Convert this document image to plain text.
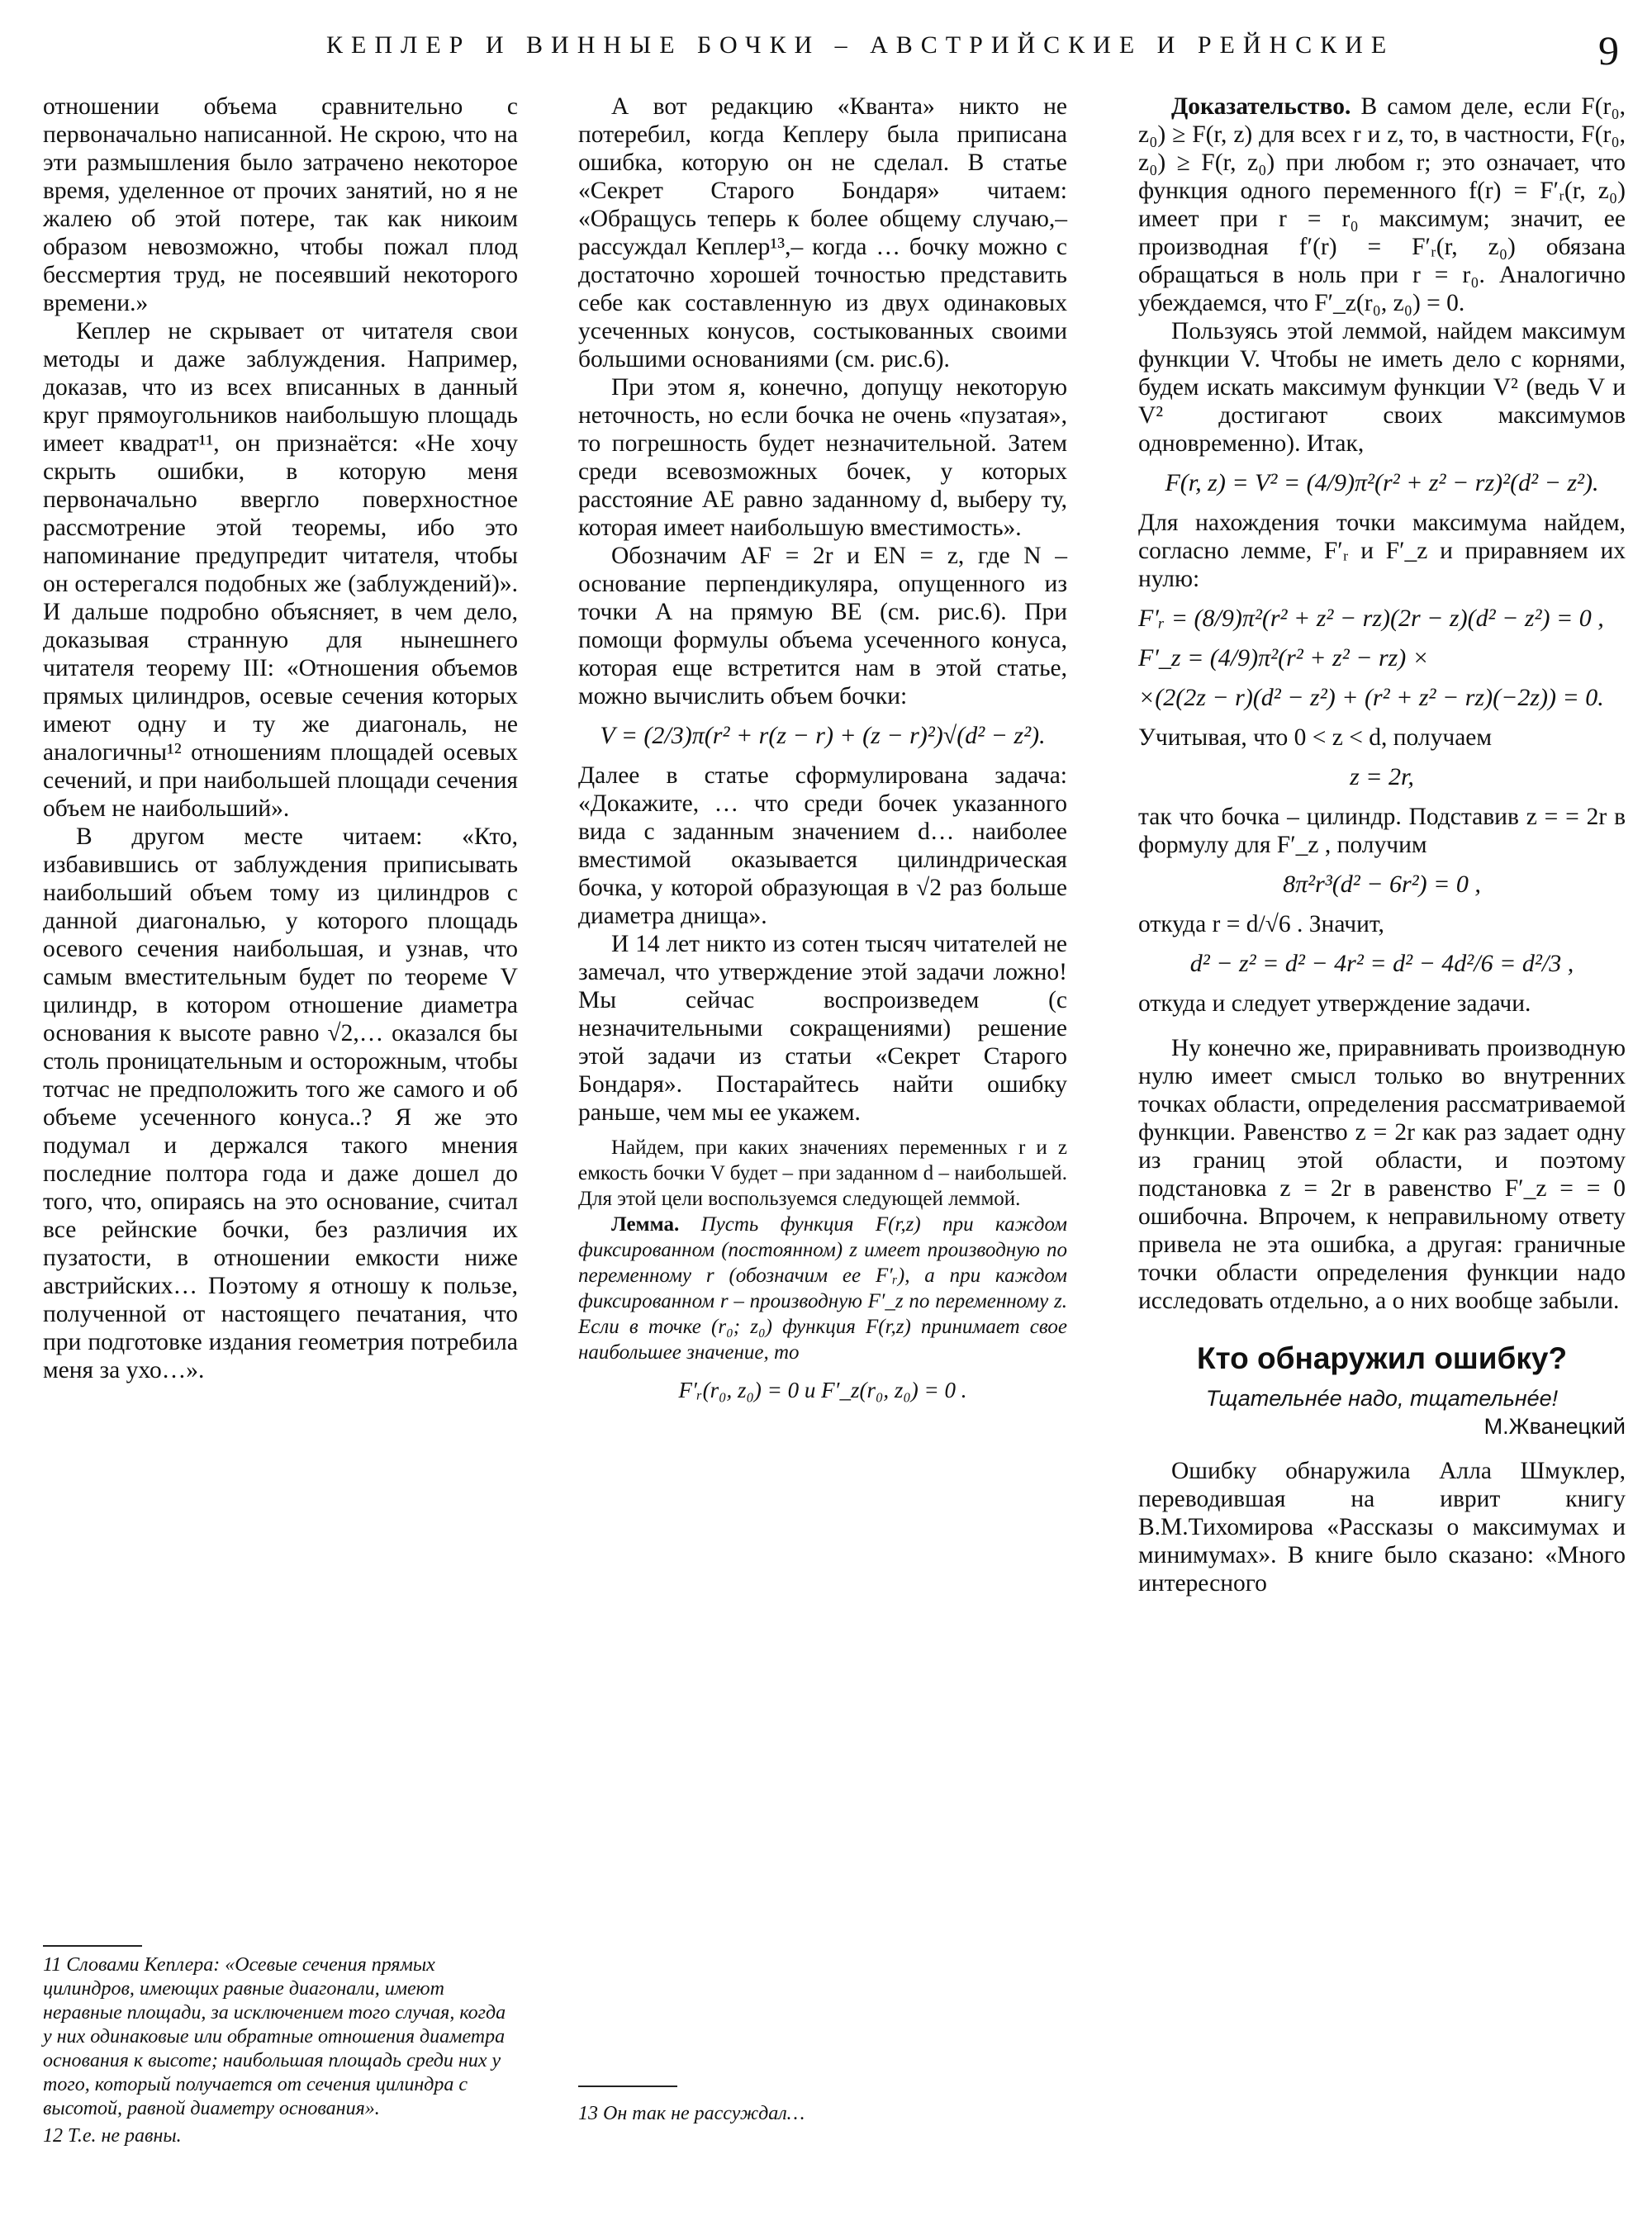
КЕПЛЕР И ВИННЫЕ БОЧКИ – АВСТРИЙСКИЕ И РЕЙНСКИЕ	9

отношении объема сравнительно с первоначально написанной. Не скрою, что на эти размышления было затрачено некоторое время, уделенное от прочих занятий, но я не жалею об этой потере, так как никоим образом невозможно, чтобы пожал плод бессмертия труд, не посеявший некоторого времени.»

Кеплер не скрывает от читателя свои методы и даже заблуждения. Например, доказав, что из всех вписанных в данный круг прямоугольников наибольшую площадь имеет квадрат¹¹, он признаётся: «Не хочу скрыть ошибки, в которую меня первоначально ввергло поверхностное рассмотрение этой теоремы, ибо это напоминание предупредит читателя, чтобы он остерегался подобных же (заблуждений)». И дальше подробно объясняет, в чем дело, доказывая странную для нынешнего читателя теорему III: «Отношения объемов прямых цилиндров, осевые сечения которых имеют одну и ту же диагональ, не аналогичны¹² отношениям площадей осевых сечений, и при наибольшей площади сечения объем не наибольший».

В другом месте читаем: «Кто, избавившись от заблуждения приписывать наибольший объем тому из цилиндров с данной диагональю, у которого площадь осевого сечения наибольшая, и узнав, что самым вместительным будет по теореме V цилиндр, в котором отношение диаметра основания к высоте равно √2,… оказался бы столь проницательным и осторожным, чтобы тотчас не предположить того же самого и об объеме усеченного конуса..? Я же это подумал и держался такого мнения последние полтора года и даже дошел до того, что, опираясь на это основание, считал все рейнские бочки, без различия их пузатости, в отношении емкости ниже австрийских… Поэтому я отношу к пользе, полученной от настоящего печатания, что при подготовке издания геометрия потребила меня за ухо…».

11 Словами Кеплера: «Осевые сечения прямых цилиндров, имеющих равные диагонали, имеют неравные площади, за исключением того случая, когда у них одинаковые или обратные отношения диаметра основания к высоте; наибольшая площадь среди них у того, который получается от сечения цилиндра с высотой, равной диаметру основания».
12 Т.е. не равны.

А вот редакцию «Кванта» никто не потеребил, когда Кеплеру была приписана ошибка, которую он не сделал. В статье «Секрет Старого Бондаря» читаем: «Обращусь теперь к более общему случаю,– рассуждал Кеплер¹³,– когда … бочку можно с достаточно хорошей точностью представить себе как составленную из двух одинаковых усеченных конусов, состыкованных своими большими основаниями (см. рис.6).

При этом я, конечно, допущу некоторую неточность, но если бочка не очень «пузатая», то погрешность будет незначительной. Затем среди всевозможных бочек, у которых расстояние AE равно заданному d, выберу ту, которая имеет наибольшую вместимость».

Обозначим AF = 2r и EN = z, где N – основание перпендикуляра, опущенного из точки A на прямую BE (см. рис.6). При помощи формулы объема усеченного конуса, которая еще встретится нам в этой статье, можно вычислить объем бочки:

V = (2/3)π(r² + r(z − r) + (z − r)²)√(d² − z²).

Далее в статье сформулирована задача: «Докажите, … что среди бочек указанного вида с заданным значением d… наиболее вместимой оказывается цилиндрическая бочка, у которой образующая в √2 раз больше диаметра днища».

И 14 лет никто из сотен тысяч читателей не замечал, что утверждение этой задачи ложно! Мы сейчас воспроизведем (с незначительными сокращениями) решение этой задачи из статьи «Секрет Старого Бондаря». Постарайтесь найти ошибку раньше, чем мы ее укажем.

Найдем, при каких значениях переменных r и z емкость бочки V будет – при заданном d – наибольшей. Для этой цели воспользуемся следующей леммой.

Лемма. Пусть функция F(r,z) при каждом фиксированном (постоянном) z имеет производную по переменному r (обозначим ее F′ᵣ), а при каждом фиксированном r – производную F′_z по переменному z. Если в точке (r₀; z₀) функция F(r,z) принимает свое наибольшее значение, то

F′ᵣ(r₀, z₀) = 0 и F′_z(r₀, z₀) = 0 .
13 Он так не рассуждал…

Доказательство. В самом деле, если F(r₀, z₀) ≥ F(r, z) для всех r и z, то, в частности, F(r₀, z₀) ≥ F(r, z₀) при любом r; это означает, что функция одного переменного f(r) = F′ᵣ(r, z₀) имеет при r = r₀ максимум; значит, ее производная f′(r) = F′ᵣ(r, z₀) обязана обращаться в ноль при r = r₀. Аналогично убеждаемся, что F′_z(r₀, z₀) = 0.

Пользуясь этой леммой, найдем максимум функции V. Чтобы не иметь дело с корнями, будем искать максимум функции V² (ведь V и V² достигают своих максимумов одновременно). Итак,

F(r, z) = V² = (4/9)π²(r² + z² − rz)²(d² − z²).

Для нахождения точки максимума найдем, согласно лемме, F′ᵣ и F′_z и приравняем их нулю:

F′ᵣ = (8/9)π²(r² + z² − rz)(2r − z)(d² − z²) = 0 ,
F′_z = (4/9)π²(r² + z² − rz) ×
×(2(2z − r)(d² − z²) + (r² + z² − rz)(−2z)) = 0.

Учитывая, что 0 < z < d, получаем

z = 2r,

так что бочка – цилиндр. Подставив z = = 2r в формулу для F′_z , получим

8π²r³(d² − 6r²) = 0 ,

откуда r = d/√6 . Значит,

d² − z² = d² − 4r² = d² − 4d²/6 = d²/3 ,

откуда и следует утверждение задачи.

Ну конечно же, приравнивать производную нулю имеет смысл только во внутренних точках области, определения рассматриваемой функции. Равенство z = 2r как раз задает одну из границ этой области, и поэтому подстановка z = 2r в равенство F′_z = = 0 ошибочна. Впрочем, к неправильному ответу привела не эта ошибка, а другая: граничные точки области определения функции надо исследовать отдельно, а о них вообще забыли.

Кто обнаружил ошибку?
Тщательнée надо, тщательнée!
М.Жванецкий

Ошибку обнаружила Алла Шмуклер, переводившая на иврит книгу В.М.Тихомирова «Рассказы о максимумах и минимумах». В книге было сказано: «Много интересного
